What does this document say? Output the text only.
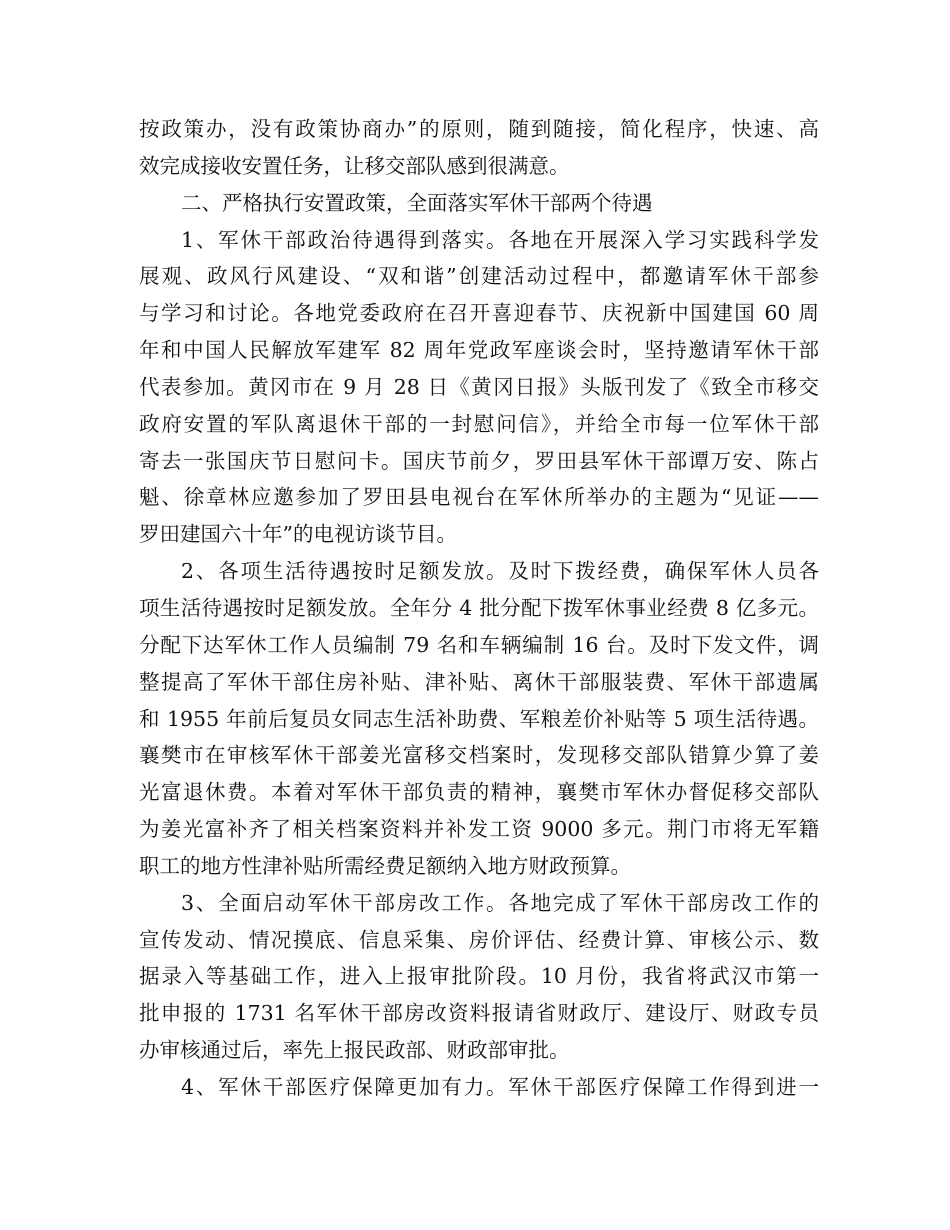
按政策办，没有政策协商办”的原则，随到随接，简化程序，快速、高
效完成接收安置任务，让移交部队感到很满意。
二、严格执行安置政策，全面落实军休干部两个待遇
1、军休干部政治待遇得到落实。各地在开展深入学习实践科学发
展观、政风行风建设、“双和谐”创建活动过程中，都邀请军休干部参
与学习和讨论。各地党委政府在召开喜迎春节、庆祝新中国建国 60 周
年和中国人民解放军建军 82 周年党政军座谈会时，坚持邀请军休干部
代表参加。黄冈市在 9 月 28 日《黄冈日报》头版刊发了《致全市移交
政府安置的军队离退休干部的一封慰问信》，并给全市每一位军休干部
寄去一张国庆节日慰问卡。国庆节前夕，罗田县军休干部谭万安、陈占
魁、徐章林应邀参加了罗田县电视台在军休所举办的主题为“见证——
罗田建国六十年”的电视访谈节目。
2、各项生活待遇按时足额发放。及时下拨经费，确保军休人员各
项生活待遇按时足额发放。全年分 4 批分配下拨军休事业经费 8 亿多元。
分配下达军休工作人员编制 79 名和车辆编制 16 台。及时下发文件，调
整提高了军休干部住房补贴、津补贴、离休干部服装费、军休干部遗属
和 1955 年前后复员女同志生活补助费、军粮差价补贴等 5 项生活待遇。
襄樊市在审核军休干部姜光富移交档案时，发现移交部队错算少算了姜
光富退休费。本着对军休干部负责的精神，襄樊市军休办督促移交部队
为姜光富补齐了相关档案资料并补发工资 9000 多元。荆门市将无军籍
职工的地方性津补贴所需经费足额纳入地方财政预算。
3、全面启动军休干部房改工作。各地完成了军休干部房改工作的
宣传发动、情况摸底、信息采集、房价评估、经费计算、审核公示、数
据录入等基础工作，进入上报审批阶段。10 月份，我省将武汉市第一
批申报的 1731 名军休干部房改资料报请省财政厅、建设厅、财政专员
办审核通过后，率先上报民政部、财政部审批。
4、军休干部医疗保障更加有力。军休干部医疗保障工作得到进一
